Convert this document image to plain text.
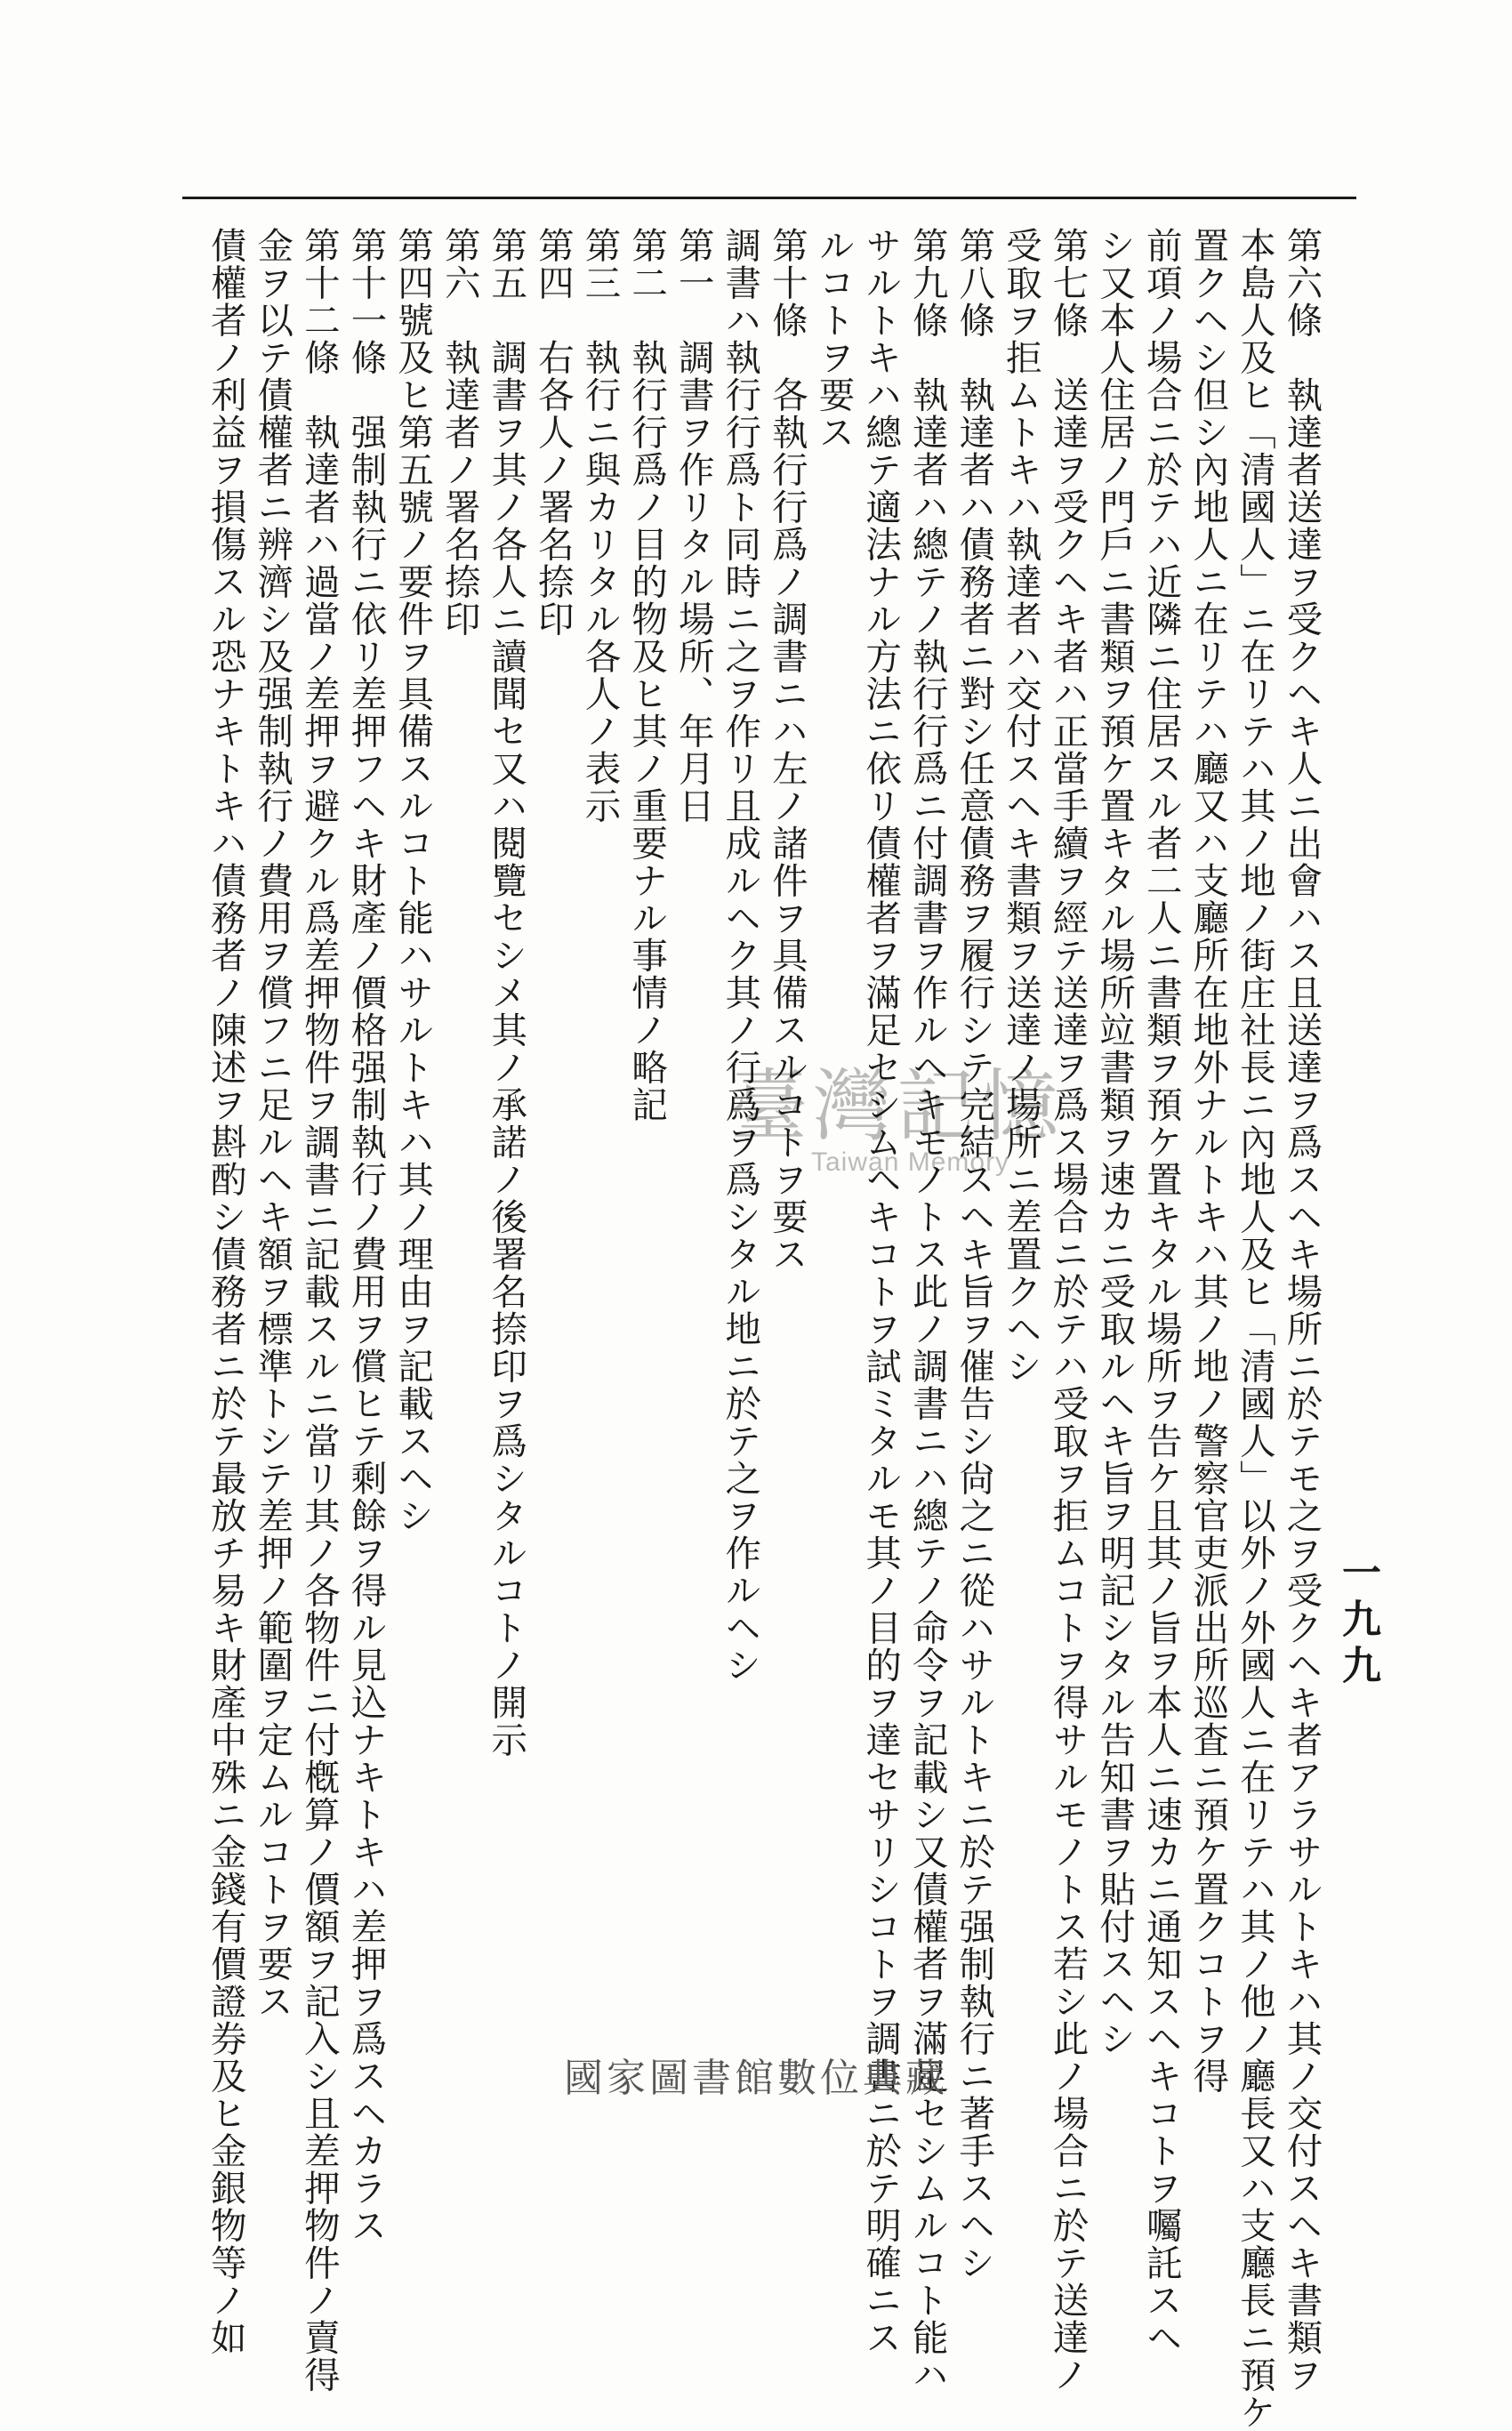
第六條　執達者送達ヲ受クヘキ人ニ出會ハス且送達ヲ爲スヘキ場所ニ於テモ之ヲ受クヘキ者アラサルトキハ其ノ交付スヘキ書類ヲ
本島人及ヒ「清國人」ニ在リテハ其ノ地ノ街庄社長ニ內地人及ヒ「清國人」以外ノ外國人ニ在リテハ其ノ他ノ廳長又ハ支廳長ニ預ケ
置クヘシ但シ內地人ニ在リテハ廳又ハ支廳所在地外ナルトキハ其ノ地ノ警察官吏派出所巡査ニ預ケ置クコトヲ得
前項ノ場合ニ於テハ近隣ニ住居スル者二人ニ書類ヲ預ケ置キタル場所ヲ告ケ且其ノ旨ヲ本人ニ速カニ通知スヘキコトヲ囑託スヘ
シ又本人住居ノ門戶ニ書類ヲ預ケ置キタル場所竝書類ヲ速カニ受取ルヘキ旨ヲ明記シタル告知書ヲ貼付スヘシ
第七條　送達ヲ受クヘキ者ハ正當手續ヲ經テ送達ヲ爲ス場合ニ於テハ受取ヲ拒ムコトヲ得サルモノトス若シ此ノ場合ニ於テ送達ノ
受取ヲ拒ムトキハ執達者ハ交付スヘキ書類ヲ送達ノ場所ニ差置クヘシ
第八條　執達者ハ債務者ニ對シ任意債務ヲ履行シテ完結スヘキ旨ヲ催告シ尙之ニ從ハサルトキニ於テ强制執行ニ著手スヘシ
第九條　執達者ハ總テノ執行行爲ニ付調書ヲ作ルヘキモノトス此ノ調書ニハ總テノ命令ヲ記載シ又債權者ヲ滿足セシムルコト能ハ
サルトキハ總テ適法ナル方法ニ依リ債權者ヲ滿足セシムヘキコトヲ試ミタルモ其ノ目的ヲ達セサリシコトヲ調書ニ於テ明確ニス
ルコトヲ要ス
第十條　各執行行爲ノ調書ニハ左ノ諸件ヲ具備スルコトヲ要ス
調書ハ執行行爲ト同時ニ之ヲ作リ且成ルヘク其ノ行爲ヲ爲シタル地ニ於テ之ヲ作ルヘシ
第一　調書ヲ作リタル場所、年月日
第二　執行行爲ノ目的物及ヒ其ノ重要ナル事情ノ略記
第三　執行ニ與カリタル各人ノ表示
第四　右各人ノ署名捺印
第五　調書ヲ其ノ各人ニ讀聞セ又ハ閱覽セシメ其ノ承諾ノ後署名捺印ヲ爲シタルコトノ開示
第六　執達者ノ署名捺印
第四號及ヒ第五號ノ要件ヲ具備スルコト能ハサルトキハ其ノ理由ヲ記載スヘシ
第十一條　强制執行ニ依リ差押フヘキ財產ノ價格强制執行ノ費用ヲ償ヒテ剩餘ヲ得ル見込ナキトキハ差押ヲ爲スヘカラス
第十二條　執達者ハ過當ノ差押ヲ避クル爲差押物件ヲ調書ニ記載スルニ當リ其ノ各物件ニ付槪算ノ價額ヲ記入シ且差押物件ノ賣得
金ヲ以テ債權者ニ辨濟シ及强制執行ノ費用ヲ償フニ足ルヘキ額ヲ標準トシテ差押ノ範圍ヲ定ムルコトヲ要ス
債權者ノ利益ヲ損傷スル恐ナキトキハ債務者ノ陳述ヲ斟酌シ債務者ニ於テ最放チ易キ財產中殊ニ金錢有價證券及ヒ金銀物等ノ如	一九九
臺灣記憶
Taiwan Memory
國家圖書館數位典藏
